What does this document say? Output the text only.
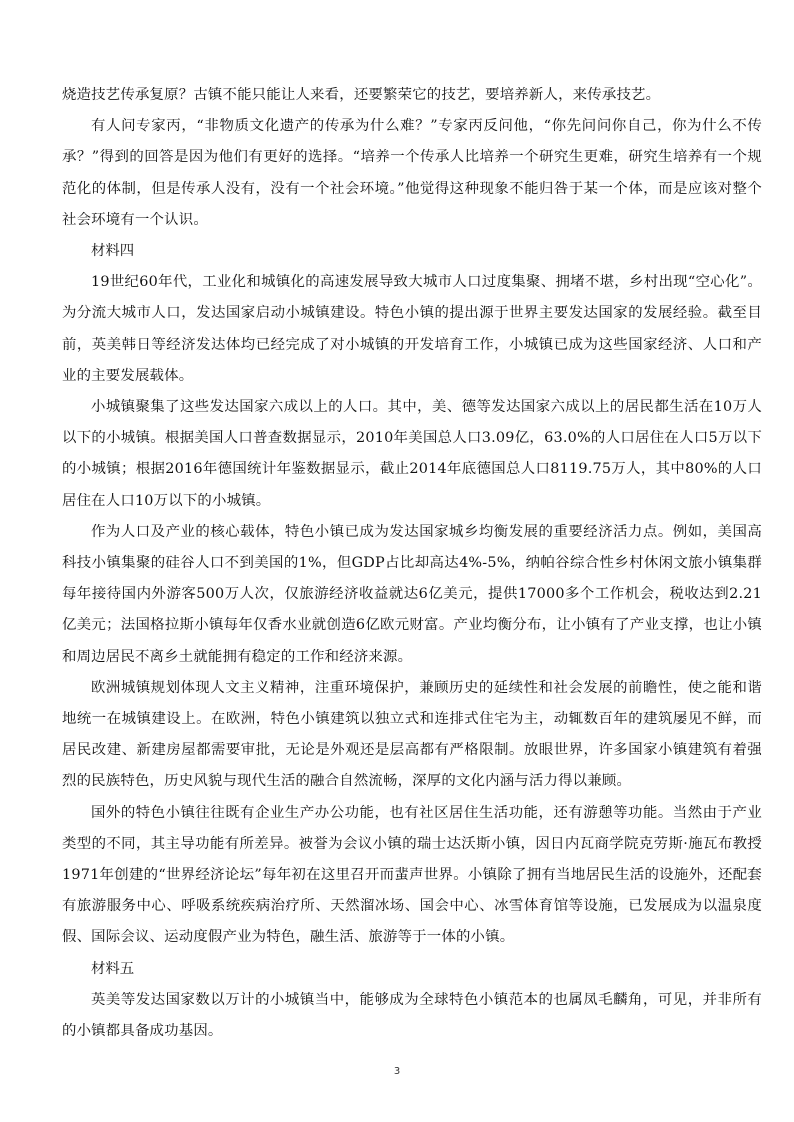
烧造技艺传承复原？古镇不能只能让人来看，还要繁荣它的技艺，要培养新人，来传承技艺。

有人问专家丙，“非物质文化遗产的传承为什么难？”专家丙反问他，“你先问问你自己，你为什么不传承？”得到的回答是因为他们有更好的选择。“培养一个传承人比培养一个研究生更难，研究生培养有一个规范化的体制，但是传承人没有，没有一个社会环境。”他觉得这种现象不能归咎于某一个体，而是应该对整个社会环境有一个认识。

材料四

19世纪60年代，工业化和城镇化的高速发展导致大城市人口过度集聚、拥堵不堪，乡村出现“空心化”。为分流大城市人口，发达国家启动小城镇建设。特色小镇的提出源于世界主要发达国家的发展经验。截至目前，英美韩日等经济发达体均已经完成了对小城镇的开发培育工作，小城镇已成为这些国家经济、人口和产业的主要发展载体。

小城镇聚集了这些发达国家六成以上的人口。其中，美、德等发达国家六成以上的居民都生活在10万人以下的小城镇。根据美国人口普查数据显示，2010年美国总人口3.09亿，63.0%的人口居住在人口5万以下的小城镇；根据2016年德国统计年鉴数据显示，截止2014年底德国总人口8119.75万人，其中80%的人口居住在人口10万以下的小城镇。

作为人口及产业的核心载体，特色小镇已成为发达国家城乡均衡发展的重要经济活力点。例如，美国高科技小镇集聚的硅谷人口不到美国的1%，但GDP占比却高达4%-5%，纳帕谷综合性乡村休闲文旅小镇集群每年接待国内外游客500万人次，仅旅游经济收益就达6亿美元，提供17000多个工作机会，税收达到2.21亿美元；法国格拉斯小镇每年仅香水业就创造6亿欧元财富。产业均衡分布，让小镇有了产业支撑，也让小镇和周边居民不离乡土就能拥有稳定的工作和经济来源。

欧洲城镇规划体现人文主义精神，注重环境保护，兼顾历史的延续性和社会发展的前瞻性，使之能和谐地统一在城镇建设上。在欧洲，特色小镇建筑以独立式和连排式住宅为主，动辄数百年的建筑屡见不鲜，而居民改建、新建房屋都需要审批，无论是外观还是层高都有严格限制。放眼世界，许多国家小镇建筑有着强烈的民族特色，历史风貌与现代生活的融合自然流畅，深厚的文化内涵与活力得以兼顾。

国外的特色小镇往往既有企业生产办公功能，也有社区居住生活功能，还有游憩等功能。当然由于产业类型的不同，其主导功能有所差异。被誉为会议小镇的瑞士达沃斯小镇，因日内瓦商学院克劳斯·施瓦布教授1971年创建的“世界经济论坛”每年初在这里召开而蜚声世界。小镇除了拥有当地居民生活的设施外，还配套有旅游服务中心、呼吸系统疾病治疗所、天然溜冰场、国会中心、冰雪体育馆等设施，已发展成为以温泉度假、国际会议、运动度假产业为特色，融生活、旅游等于一体的小镇。

材料五

英美等发达国家数以万计的小城镇当中，能够成为全球特色小镇范本的也属凤毛麟角，可见，并非所有的小镇都具备成功基因。

3
